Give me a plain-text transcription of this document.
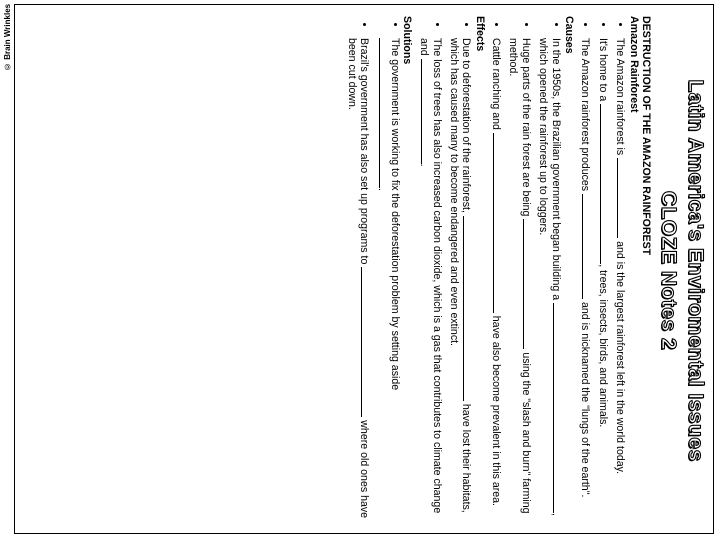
© Brain Wrinkles
Latin America's Enviromental Issues
CLOZE Notes 2
DESTRUCTION OF THE AMAZON RAINFOREST
Amazon Rainforest
• The Amazon rainforest is  and is the largest rainforest left in the world today.
• It's home to a , trees, insects, birds, and animals.
• The Amazon rainforest produces  and is nicknamed the "lungs of the earth".
Causes
• In the 1950s, the Brazilian government began building a , which opened the rainforest up to loggers.
• Huge parts of the rain forest are being  using the "slash and burn" farming method.
• Cattle ranching and  have also become prevalent in this area.
Effects
• Due to deforestation of the rainforest,  have lost their habitats, which has caused many to become endangered and even extinct.
• The loss of trees has also increased carbon dioxide, which is a gas that contributes to climate change and .
Solutions
• The government is working to fix the deforestation problem by setting aside .
• Brazil's government has also set up programs to  where old ones have been cut down.
